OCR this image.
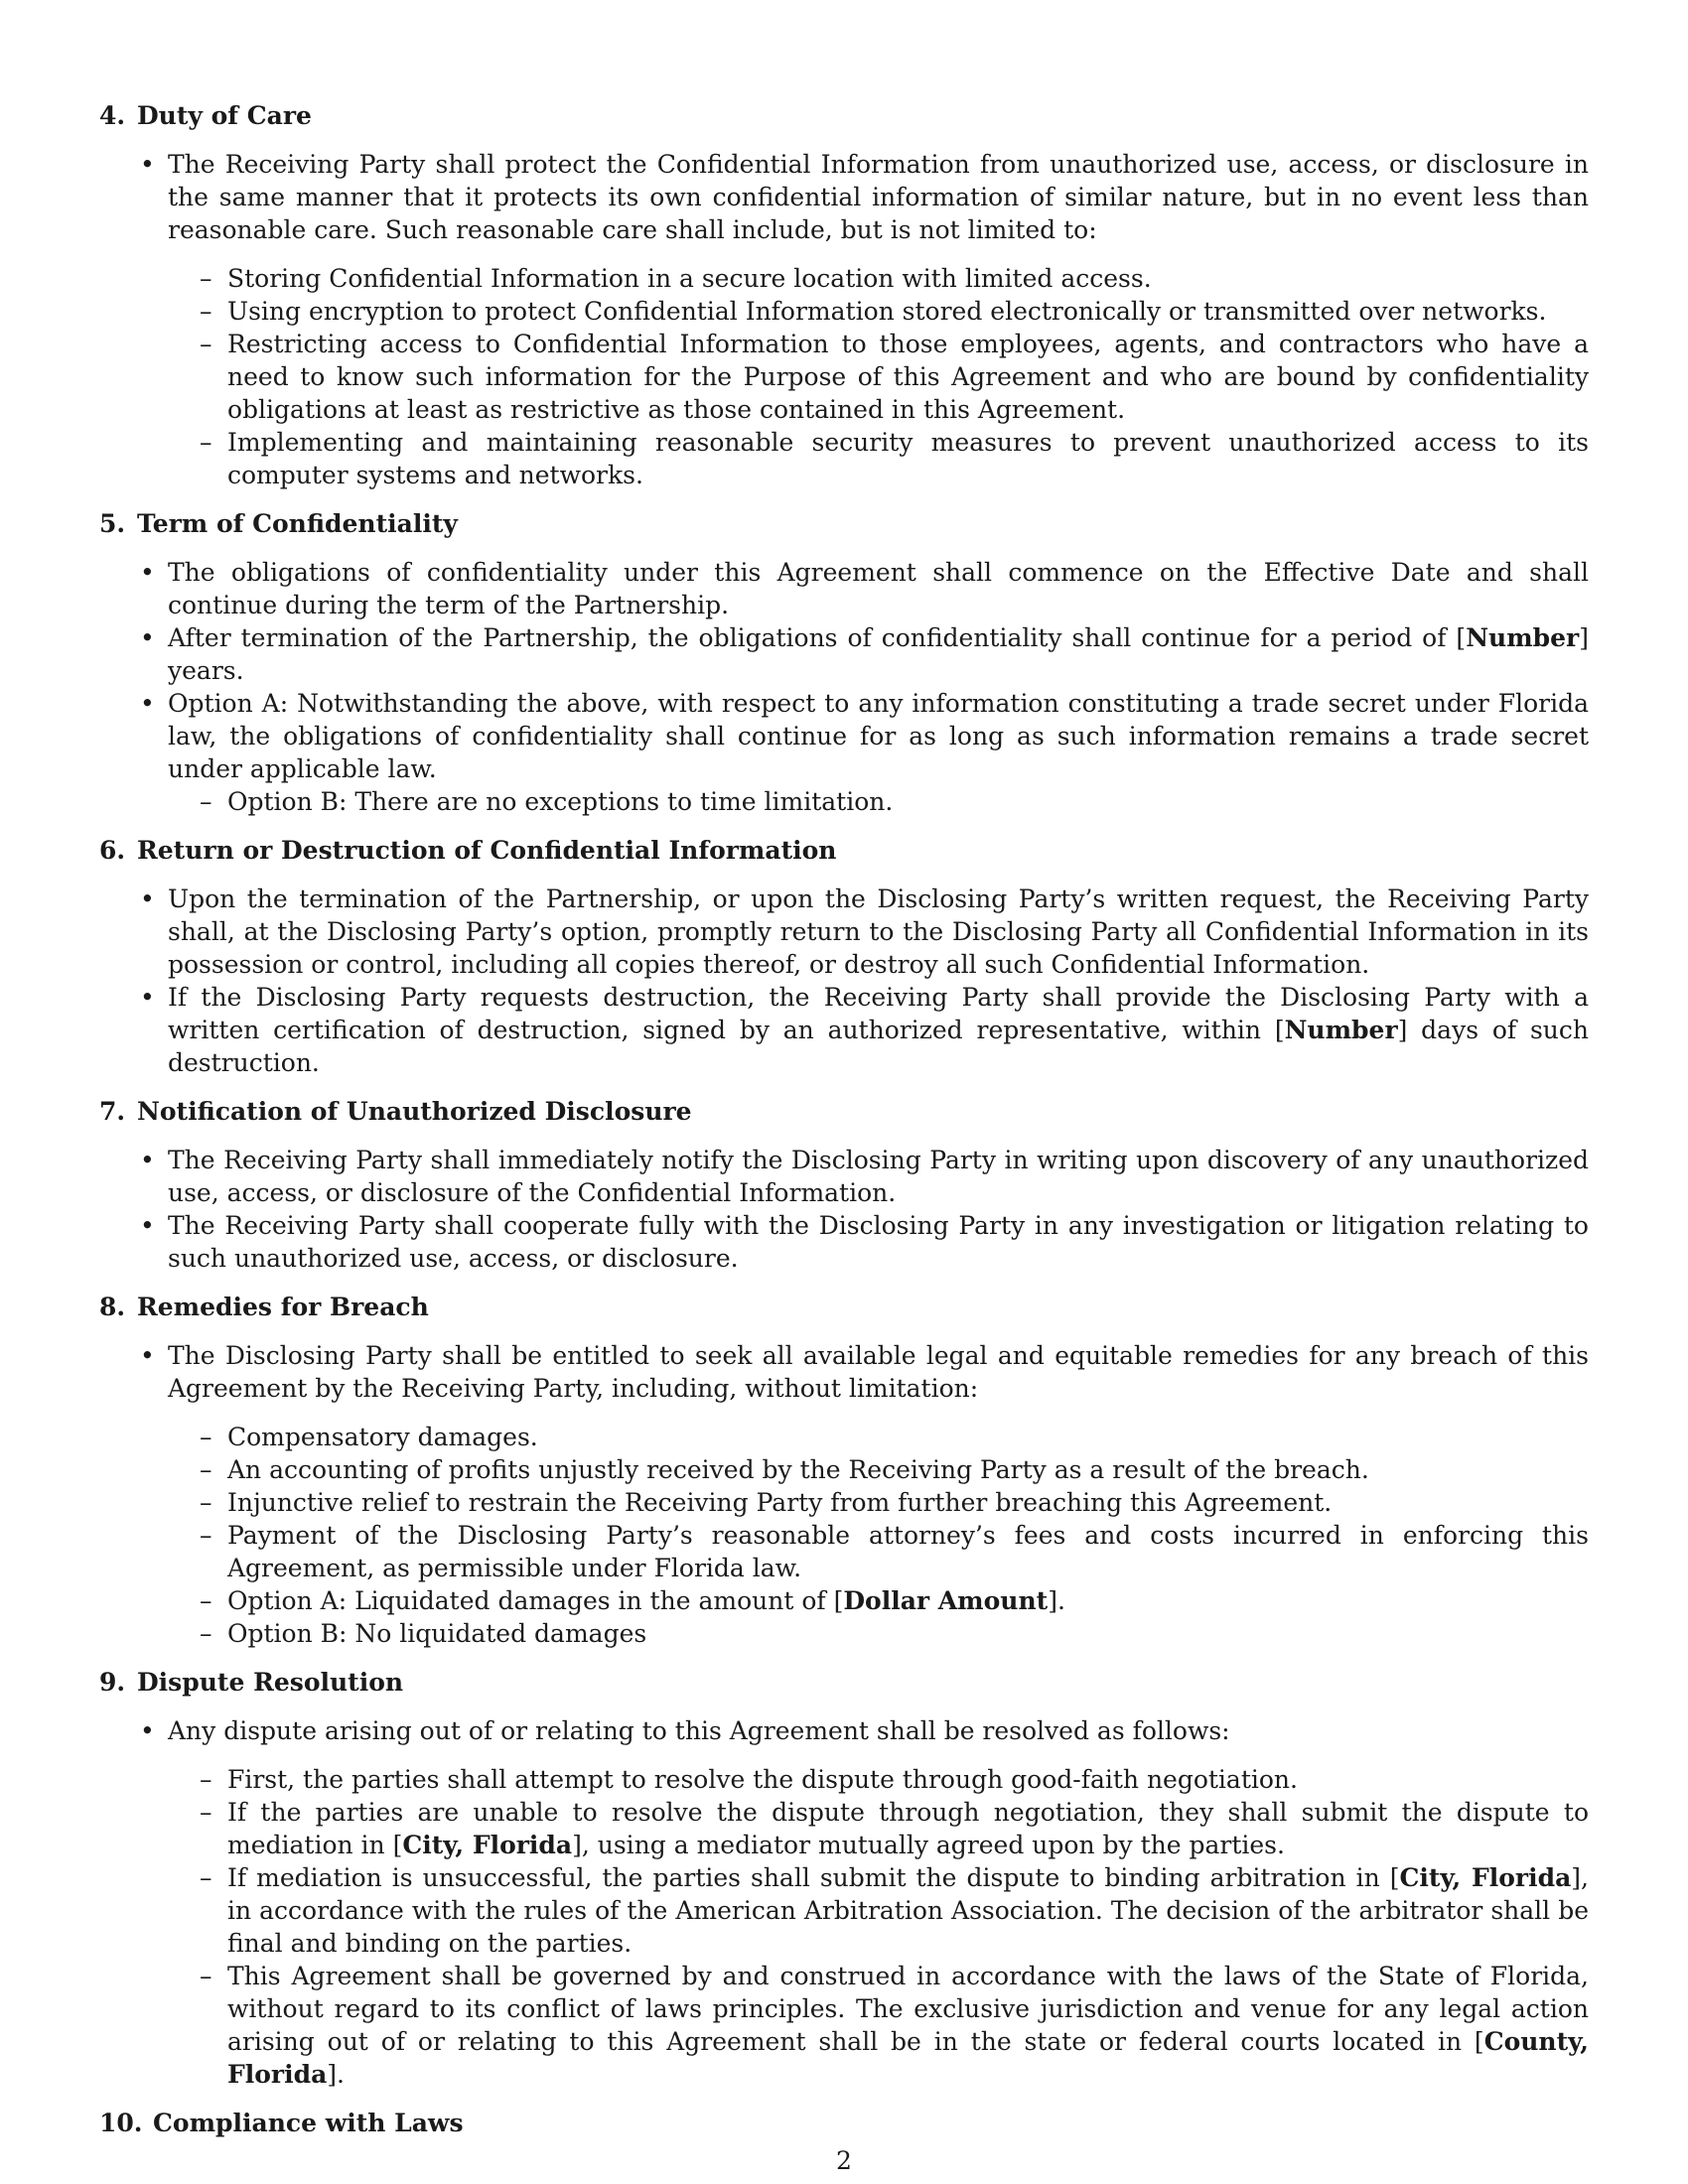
4. Duty of Care
• The Receiving Party shall protect the Confidential Information from unauthorized use, access, or disclosure in the same manner that it protects its own confidential information of similar nature, but in no event less than reasonable care. Such reasonable care shall include, but is not limited to:
– Storing Confidential Information in a secure location with limited access.
– Using encryption to protect Confidential Information stored electronically or transmitted over networks.
– Restricting access to Confidential Information to those employees, agents, and contractors who have a need to know such information for the Purpose of this Agreement and who are bound by confidentiality obligations at least as restrictive as those contained in this Agreement.
– Implementing and maintaining reasonable security measures to prevent unauthorized access to its computer systems and networks.
5. Term of Confidentiality
• The obligations of confidentiality under this Agreement shall commence on the Effective Date and shall continue during the term of the Partnership.
• After termination of the Partnership, the obligations of confidentiality shall continue for a period of [Number] years.
• Option A: Notwithstanding the above, with respect to any information constituting a trade secret under Florida law, the obligations of confidentiality shall continue for as long as such information remains a trade secret under applicable law.
– Option B: There are no exceptions to time limitation.
6. Return or Destruction of Confidential Information
• Upon the termination of the Partnership, or upon the Disclosing Party’s written request, the Receiving Party shall, at the Disclosing Party’s option, promptly return to the Disclosing Party all Confidential Information in its possession or control, including all copies thereof, or destroy all such Confidential Information.
• If the Disclosing Party requests destruction, the Receiving Party shall provide the Disclosing Party with a written certification of destruction, signed by an authorized representative, within [Number] days of such destruction.
7. Notification of Unauthorized Disclosure
• The Receiving Party shall immediately notify the Disclosing Party in writing upon discovery of any unauthorized use, access, or disclosure of the Confidential Information.
• The Receiving Party shall cooperate fully with the Disclosing Party in any investigation or litigation relating to such unauthorized use, access, or disclosure.
8. Remedies for Breach
• The Disclosing Party shall be entitled to seek all available legal and equitable remedies for any breach of this Agreement by the Receiving Party, including, without limitation:
– Compensatory damages.
– An accounting of profits unjustly received by the Receiving Party as a result of the breach.
– Injunctive relief to restrain the Receiving Party from further breaching this Agreement.
– Payment of the Disclosing Party’s reasonable attorney’s fees and costs incurred in enforcing this Agreement, as permissible under Florida law.
– Option A: Liquidated damages in the amount of [Dollar Amount].
– Option B: No liquidated damages
9. Dispute Resolution
• Any dispute arising out of or relating to this Agreement shall be resolved as follows:
– First, the parties shall attempt to resolve the dispute through good-faith negotiation.
– If the parties are unable to resolve the dispute through negotiation, they shall submit the dispute to mediation in [City, Florida], using a mediator mutually agreed upon by the parties.
– If mediation is unsuccessful, the parties shall submit the dispute to binding arbitration in [City, Florida], in accordance with the rules of the American Arbitration Association. The decision of the arbitrator shall be final and binding on the parties.
– This Agreement shall be governed by and construed in accordance with the laws of the State of Florida, without regard to its conflict of laws principles. The exclusive jurisdiction and venue for any legal action arising out of or relating to this Agreement shall be in the state or federal courts located in [County, Florida].
10. Compliance with Laws
2
